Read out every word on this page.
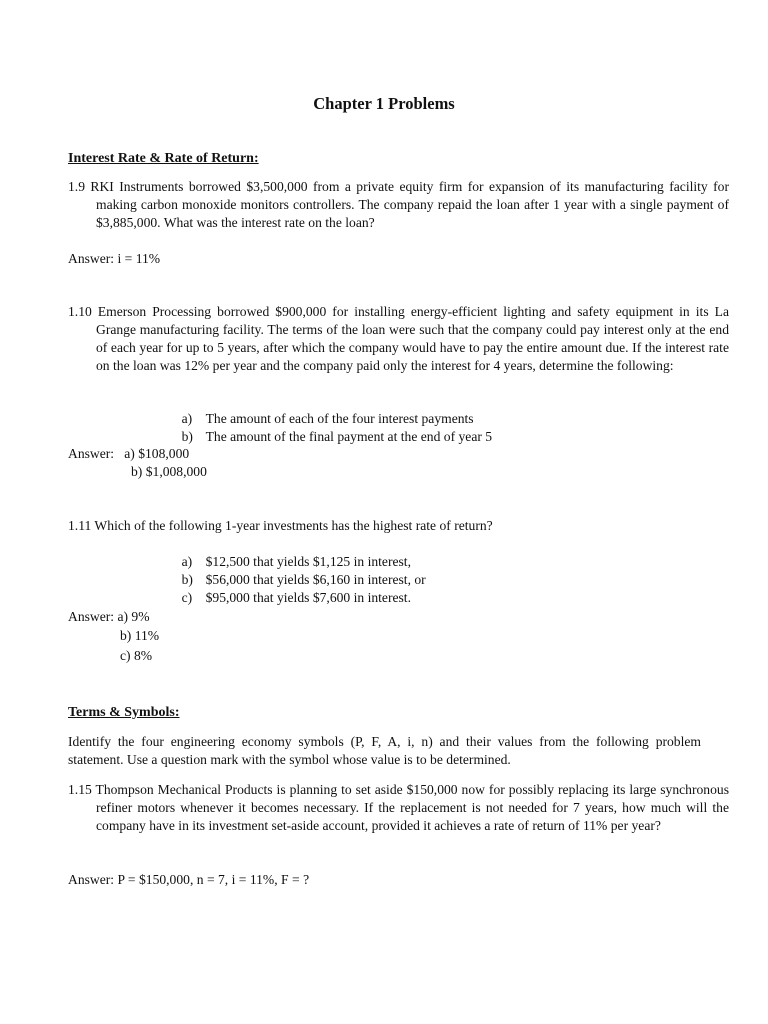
Chapter 1 Problems
Interest Rate & Rate of Return:
1.9 RKI Instruments borrowed $3,500,000 from a private equity firm for expansion of its manufacturing facility for making carbon monoxide monitors controllers. The company repaid the loan after 1 year with a single payment of $3,885,000. What was the interest rate on the loan?
Answer: i = 11%
1.10 Emerson Processing borrowed $900,000 for installing energy-efficient lighting and safety equipment in its La Grange manufacturing facility. The terms of the loan were such that the company could pay interest only at the end of each year for up to 5 years, after which the company would have to pay the entire amount due. If the interest rate on the loan was 12% per year and the company paid only the interest for 4 years, determine the following:

a) The amount of each of the four interest payments

b) The amount of the final payment at the end of year 5

Answer:   a) $108,000
b) $1,008,000
1.11 Which of the following 1-year investments has the highest rate of return?

a) $12,500 that yields $1,125 in interest,

b) $56,000 that yields $6,160 in interest, or

c) $95,000 that yields $7,600 in interest.

Answer: a) 9%
b) 11%
c) 8%
Terms & Symbols:
Identify the four engineering economy symbols (P, F, A, i, n) and their values from the following problem statement. Use a question mark with the symbol whose value is to be determined.
1.15 Thompson Mechanical Products is planning to set aside $150,000 now for possibly replacing its large synchronous refiner motors whenever it becomes necessary. If the replacement is not needed for 7 years, how much will the company have in its investment set-aside account, provided it achieves a rate of return of 11% per year?
Answer: P = $150,000, n = 7, i = 11%, F = ?
